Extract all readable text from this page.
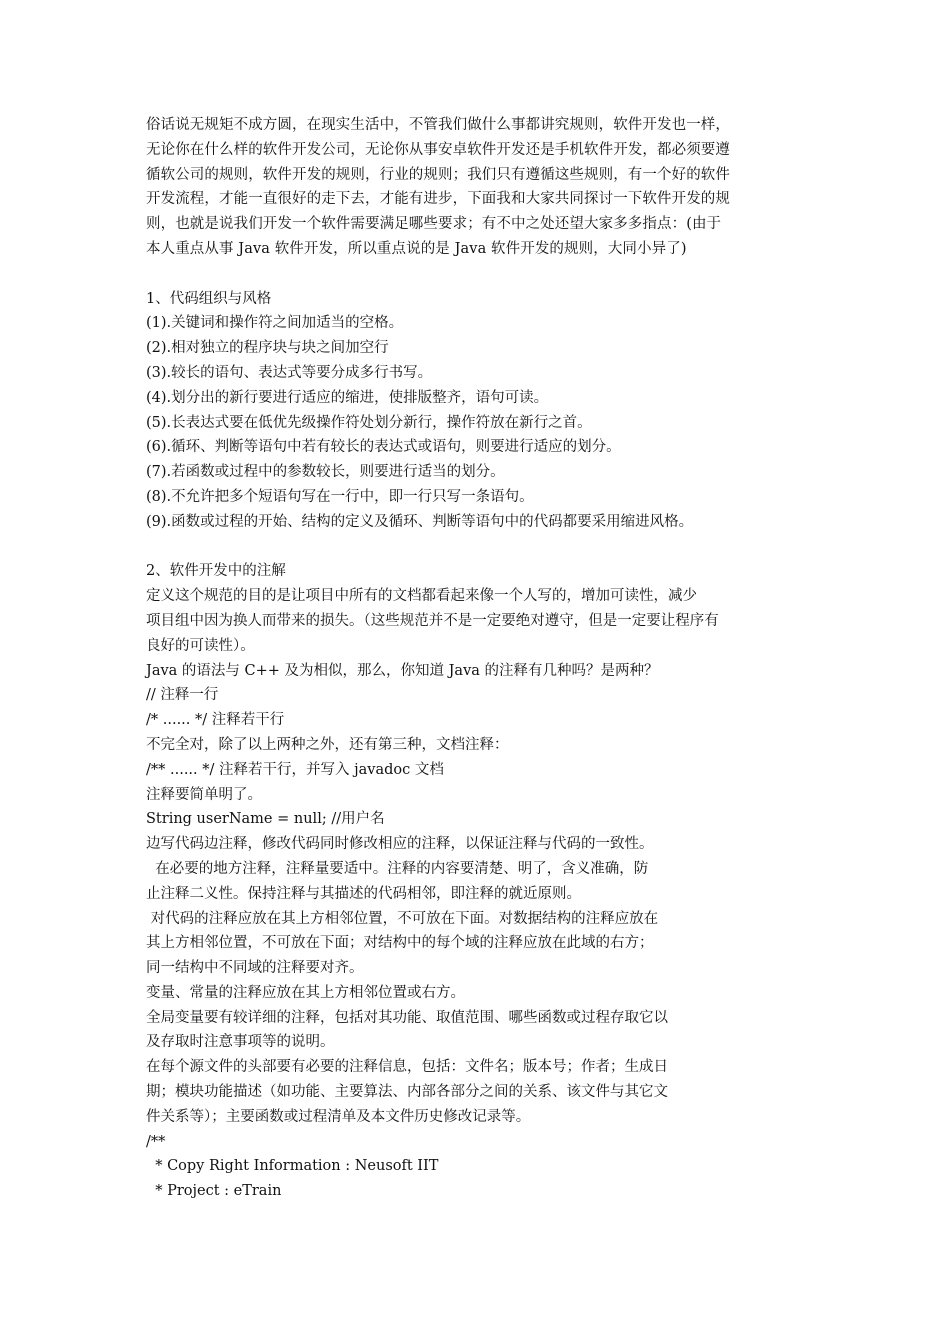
俗话说无规矩不成方圆，在现实生活中，不管我们做什么事都讲究规则，软件开发也一样，
无论你在什么样的软件开发公司，无论你从事安卓软件开发还是手机软件开发，都必须要遵
循软公司的规则，软件开发的规则，行业的规则；我们只有遵循这些规则，有一个好的软件
开发流程，才能一直很好的走下去，才能有进步，下面我和大家共同探讨一下软件开发的规
则，也就是说我们开发一个软件需要满足哪些要求；有不中之处还望大家多多指点：(由于
本人重点从事 Java 软件开发，所以重点说的是 Java 软件开发的规则，大同小异了)
1、代码组织与风格
(1).关键词和操作符之间加适当的空格。
(2).相对独立的程序块与块之间加空行
(3).较长的语句、表达式等要分成多行书写。
(4).划分出的新行要进行适应的缩进，使排版整齐，语句可读。
(5).长表达式要在低优先级操作符处划分新行，操作符放在新行之首。
(6).循环、判断等语句中若有较长的表达式或语句，则要进行适应的划分。
(7).若函数或过程中的参数较长，则要进行适当的划分。
(8).不允许把多个短语句写在一行中，即一行只写一条语句。
(9).函数或过程的开始、结构的定义及循环、判断等语句中的代码都要采用缩进风格。
2、软件开发中的注解
定义这个规范的目的是让项目中所有的文档都看起来像一个人写的，增加可读性，减少
项目组中因为换人而带来的损失。（这些规范并不是一定要绝对遵守，但是一定要让程序有
良好的可读性）。
Java 的语法与 C++ 及为相似，那么，你知道 Java 的注释有几种吗？是两种？
// 注释一行
/* ...... */ 注释若干行
不完全对，除了以上两种之外，还有第三种，文档注释：
/** ...... */ 注释若干行，并写入 javadoc 文档
注释要简单明了。
String userName = null; //用户名
边写代码边注释，修改代码同时修改相应的注释，以保证注释与代码的一致性。
在必要的地方注释，注释量要适中。注释的内容要清楚、明了，含义准确，防
止注释二义性。保持注释与其描述的代码相邻，即注释的就近原则。
对代码的注释应放在其上方相邻位置，不可放在下面。对数据结构的注释应放在
其上方相邻位置，不可放在下面；对结构中的每个域的注释应放在此域的右方；
同一结构中不同域的注释要对齐。
变量、常量的注释应放在其上方相邻位置或右方。
全局变量要有较详细的注释，包括对其功能、取值范围、哪些函数或过程存取它以
及存取时注意事项等的说明。
在每个源文件的头部要有必要的注释信息，包括：文件名；版本号；作者；生成日
期；模块功能描述（如功能、主要算法、内部各部分之间的关系、该文件与其它文
件关系等）；主要函数或过程清单及本文件历史修改记录等。
/**
* Copy Right Information : Neusoft IIT
* Project : eTrain
